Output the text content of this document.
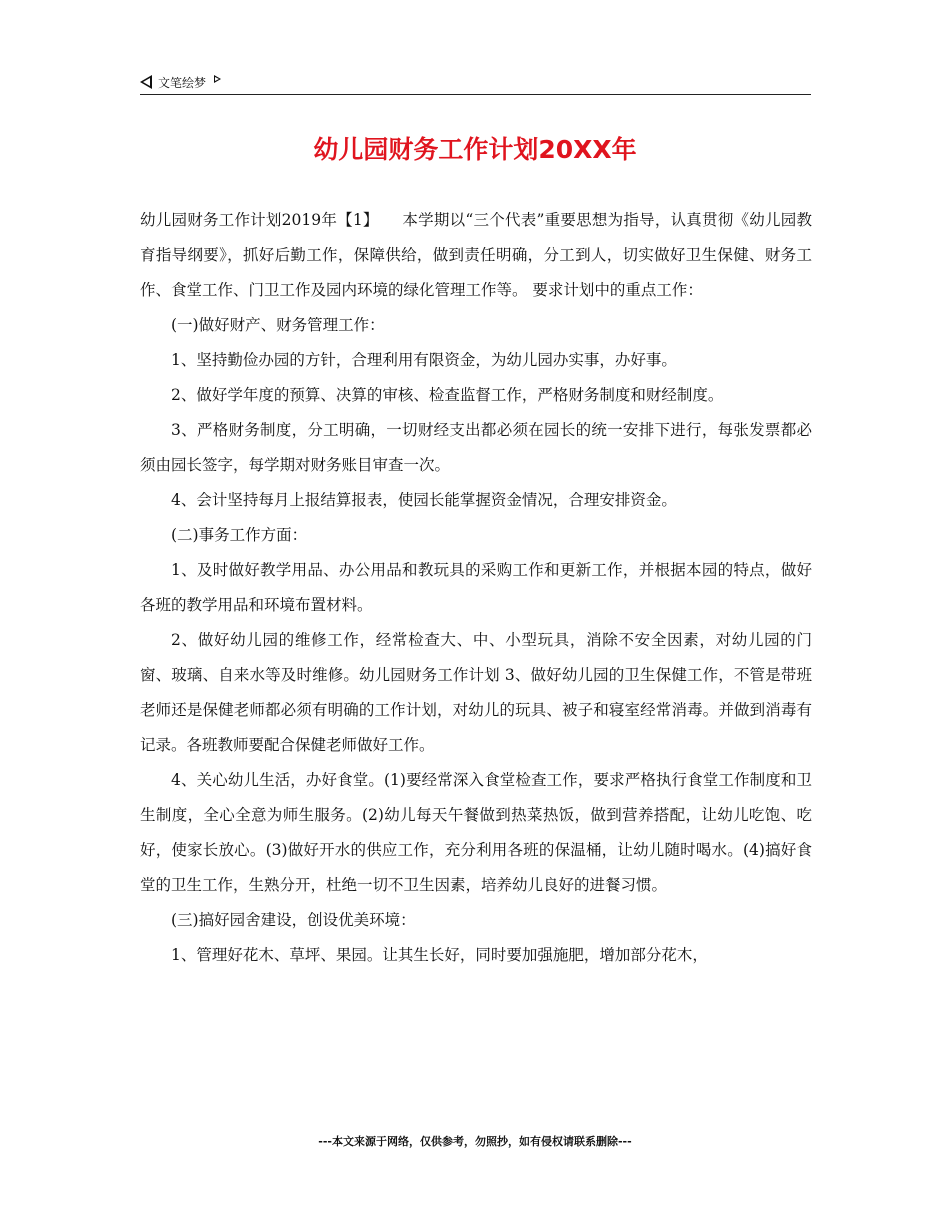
文笔绘梦
幼儿园财务工作计划20XX年

幼儿园财务工作计划2019年【1】　　本学期以“三个代表”重要思想为指导，认真贯彻《幼儿园教育指导纲要》，抓好后勤工作，保障供给，做到责任明确，分工到人，切实做好卫生保健、财务工作、食堂工作、门卫工作及园内环境的绿化管理工作等。 要求计划中的重点工作：

(一)做好财产、财务管理工作：

1、坚持勤俭办园的方针，合理利用有限资金，为幼儿园办实事，办好事。

2、做好学年度的预算、决算的审核、检查监督工作，严格财务制度和财经制度。

3、严格财务制度，分工明确，一切财经支出都必须在园长的统一安排下进行，每张发票都必须由园长签字，每学期对财务账目审查一次。

4、会计坚持每月上报结算报表，使园长能掌握资金情况，合理安排资金。

(二)事务工作方面：

1、及时做好教学用品、办公用品和教玩具的采购工作和更新工作，并根据本园的特点，做好各班的教学用品和环境布置材料。

2、做好幼儿园的维修工作，经常检查大、中、小型玩具，消除不安全因素，对幼儿园的门窗、玻璃、自来水等及时维修。幼儿园财务工作计划 3、做好幼儿园的卫生保健工作，不管是带班老师还是保健老师都必须有明确的工作计划，对幼儿的玩具、被子和寝室经常消毒。并做到消毒有记录。各班教师要配合保健老师做好工作。

4、关心幼儿生活，办好食堂。(1)要经常深入食堂检查工作，要求严格执行食堂工作制度和卫生制度，全心全意为师生服务。(2)幼儿每天午餐做到热菜热饭，做到营养搭配，让幼儿吃饱、吃好，使家长放心。(3)做好开水的供应工作，充分利用各班的保温桶，让幼儿随时喝水。(4)搞好食堂的卫生工作，生熟分开，杜绝一切不卫生因素，培养幼儿良好的进餐习惯。

(三)搞好园舍建设，创设优美环境：

1、管理好花木、草坪、果园。让其生长好，同时要加强施肥，增加部分花木，

---本文来源于网络，仅供参考，勿照抄，如有侵权请联系删除---
